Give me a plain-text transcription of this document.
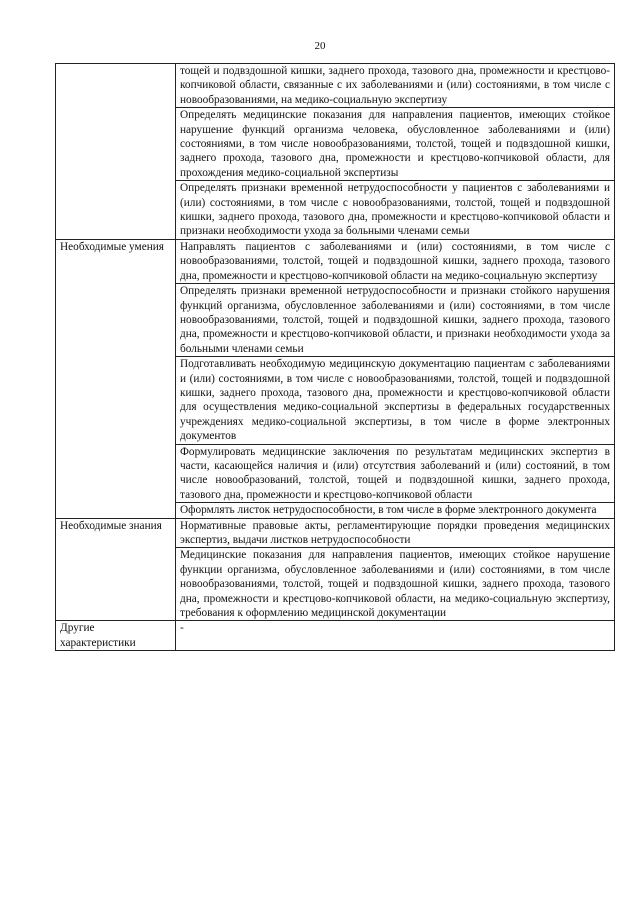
20
	тощей и подвздошной кишки, заднего прохода, тазового дна, промежности и крестцово-копчиковой области, связанные с их заболеваниями и (или) состояниями, в том числе с новообразованиями, на медико-социальную экспертизу
	Определять медицинские показания для направления пациентов, имеющих стойкое нарушение функций организма человека, обусловленное заболеваниями и (или) состояниями, в том числе новообразованиями, толстой, тощей и подвздошной кишки, заднего прохода, тазового дна, промежности и крестцово-копчиковой области, для прохождения медико-социальной экспертизы
	Определять признаки временной нетрудоспособности у пациентов с заболеваниями и (или) состояниями, в том числе с новообразованиями, толстой, тощей и подвздошной кишки, заднего прохода, тазового дна, промежности и крестцово-копчиковой области и признаки необходимости ухода за больными членами семьи
Необходимые умения	Направлять пациентов с заболеваниями и (или) состояниями, в том числе с новообразованиями, толстой, тощей и подвздошной кишки, заднего прохода, тазового дна, промежности и крестцово-копчиковой области на медико-социальную экспертизу
	Определять признаки временной нетрудоспособности и признаки стойкого нарушения функций организма, обусловленное заболеваниями и (или) состояниями, в том числе новообразованиями, толстой, тощей и подвздошной кишки, заднего прохода, тазового дна, промежности и крестцово-копчиковой области, и признаки необходимости ухода за больными членами семьи
	Подготавливать необходимую медицинскую документацию пациентам с заболеваниями и (или) состояниями, в том числе с новообразованиями, толстой, тощей и подвздошной кишки, заднего прохода, тазового дна, промежности и крестцово-копчиковой области для осуществления медико-социальной экспертизы в федеральных государственных учреждениях медико-социальной экспертизы, в том числе в форме электронных документов
	Формулировать медицинские заключения по результатам медицинских экспертиз в части, касающейся наличия и (или) отсутствия заболеваний и (или) состояний, в том числе новообразований, толстой, тощей и подвздошной кишки, заднего прохода, тазового дна, промежности и крестцово-копчиковой области
	Оформлять листок нетрудоспособности, в том числе в форме электронного документа
Необходимые знания	Нормативные правовые акты, регламентирующие порядки проведения медицинских экспертиз, выдачи листков нетрудоспособности
	Медицинские показания для направления пациентов, имеющих стойкое нарушение функции организма, обусловленное заболеваниями и (или) состояниями, в том числе новообразованиями, толстой, тощей и подвздошной кишки, заднего прохода, тазового дна, промежности и крестцово-копчиковой области, на медико-социальную экспертизу, требования к оформлению медицинской документации
Другие характеристики	-
